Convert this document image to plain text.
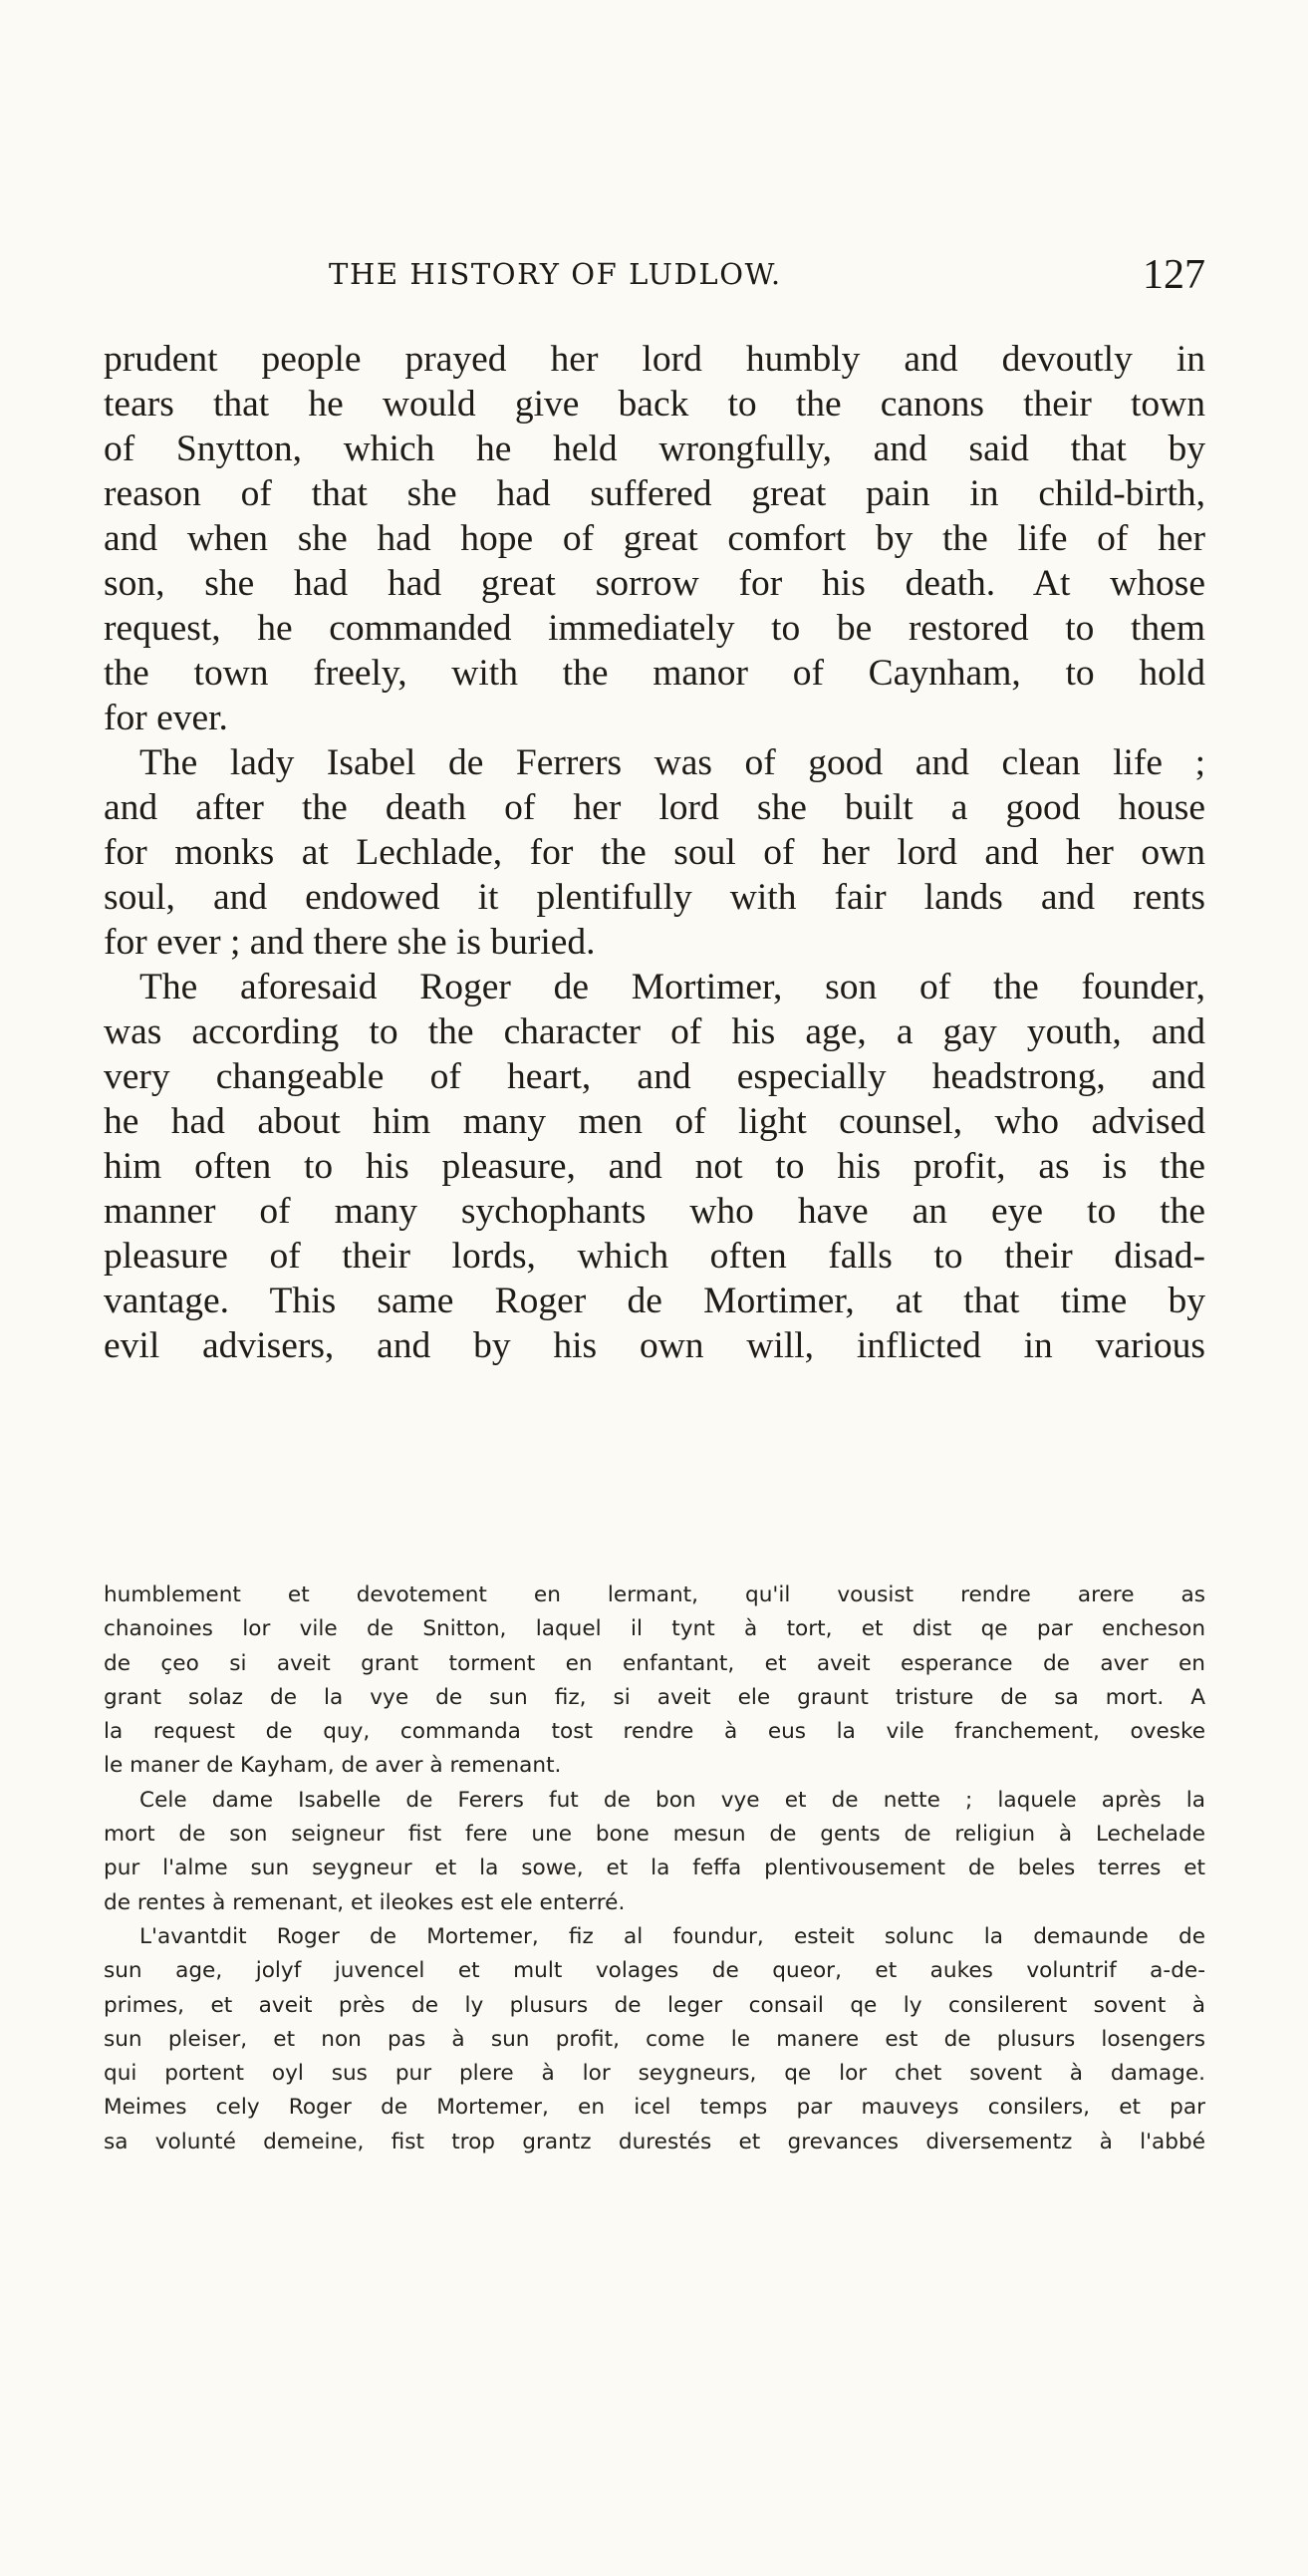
THE HISTORY OF LUDLOW.	127
prudent people prayed her lord humbly and devoutly in
tears that he would give back to the canons their town
of Snytton, which he held wrongfully, and said that by
reason of that she had suffered great pain in child-birth,
and when she had hope of great comfort by the life of her
son, she had had great sorrow for his death. At whose
request, he commanded immediately to be restored to them
the town freely, with the manor of Caynham, to hold
for ever.
The lady Isabel de Ferrers was of good and clean life ;
and after the death of her lord she built a good house
for monks at Lechlade, for the soul of her lord and her own
soul, and endowed it plentifully with fair lands and rents
for ever ; and there she is buried.
The aforesaid Roger de Mortimer, son of the founder,
was according to the character of his age, a gay youth, and
very changeable of heart, and especially headstrong, and
he had about him many men of light counsel, who advised
him often to his pleasure, and not to his profit, as is the
manner of many sychophants who have an eye to the
pleasure of their lords, which often falls to their disad-
vantage. This same Roger de Mortimer, at that time by
evil advisers, and by his own will, inflicted in various
humblement et devotement en lermant, qu'il vousist rendre arere as
chanoines lor vile de Snitton, laquel il tynt à tort, et dist qe par encheson
de çeo si aveit grant torment en enfantant, et aveit esperance de aver en
grant solaz de la vye de sun fiz, si aveit ele graunt tristure de sa mort. A
la request de quy, commanda tost rendre à eus la vile franchement, oveske
le maner de Kayham, de aver à remenant.
Cele dame Isabelle de Ferers fut de bon vye et de nette ; laquele après la
mort de son seigneur fist fere une bone mesun de gents de religiun à Lechelade
pur l'alme sun seygneur et la sowe, et la feffa plentivousement de beles terres et
de rentes à remenant, et ileokes est ele enterré.
L'avantdit Roger de Mortemer, fiz al foundur, esteit solunc la demaunde de
sun age, jolyf juvencel et mult volages de queor, et aukes voluntrif a-de-
primes, et aveit près de ly plusurs de leger consail qe ly consilerent sovent à
sun pleiser, et non pas à sun profit, come le manere est de plusurs losengers
qui portent oyl sus pur plere à lor seygneurs, qe lor chet sovent à damage.
Meimes cely Roger de Mortemer, en icel temps par mauveys consilers, et par
sa volunté demeine, fist trop grantz durestés et grevances diversementz à l'abbé
